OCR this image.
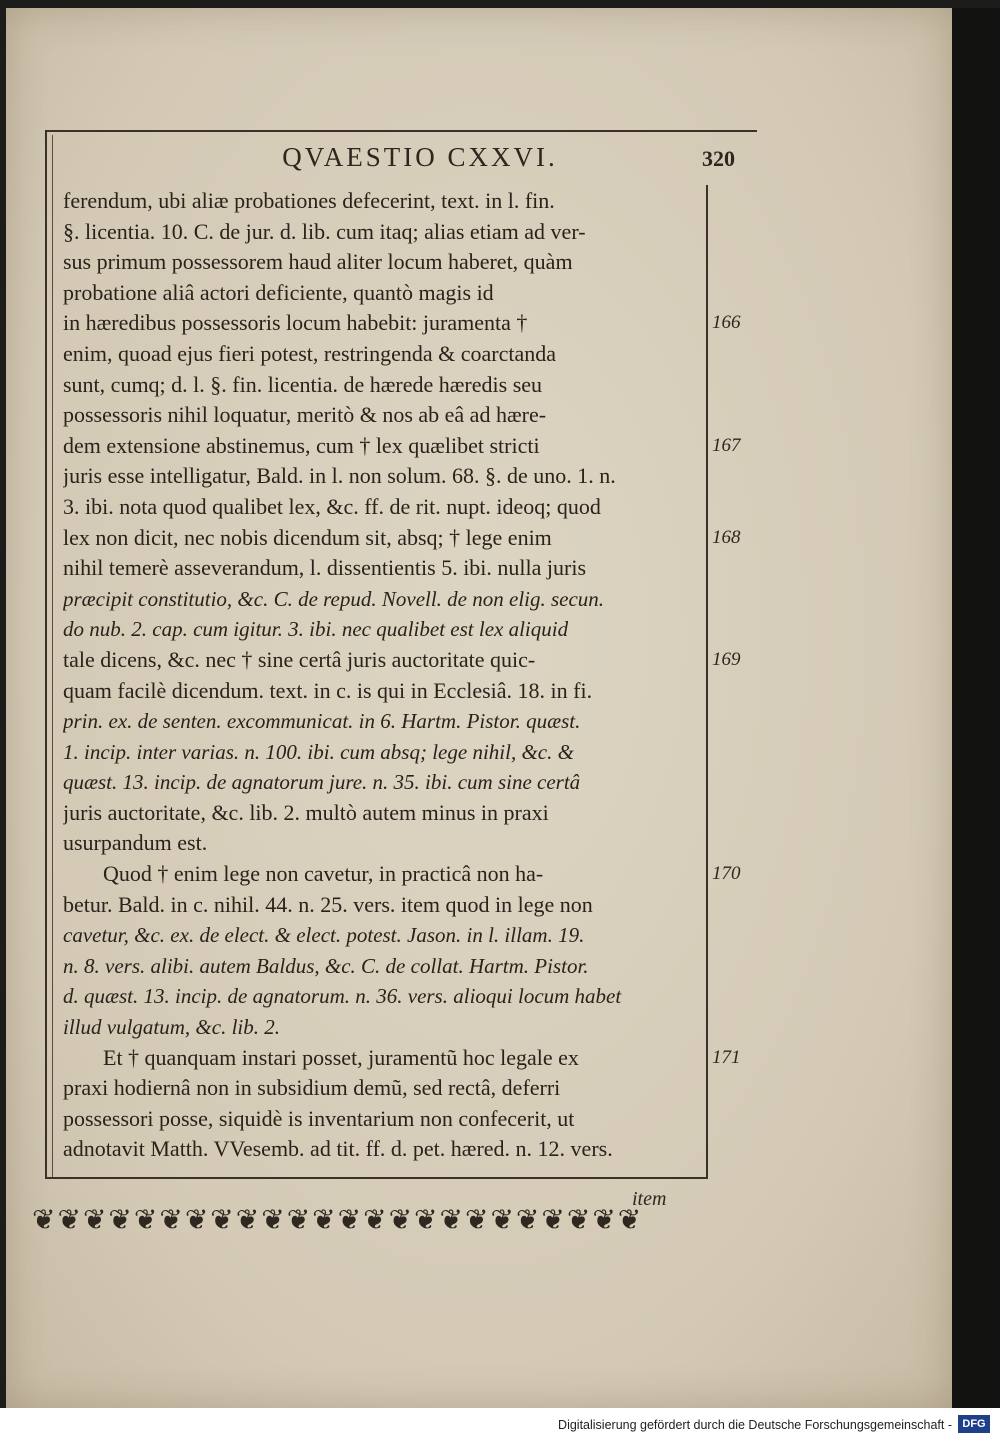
QVAESTIO CXXVI.	320
ferendum, ubi aliæ probationes defecerint, text. in l. fin.
§. licentia. 10. C. de jur. d. lib. cum itaq; alias etiam ad ver-
sus primum possessorem haud aliter locum haberet, quàm
probatione aliâ actori deficiente, quantò magis id
in hæredibus possessoris locum habebit: juramenta †
enim, quoad ejus fieri potest, restringenda & coarctanda
sunt, cumq; d. l. §. fin. licentia. de hærede hæredis seu
possessoris nihil loquatur, meritò & nos ab eâ ad hære-
dem extensione abstinemus, cum † lex quælibet stricti
juris esse intelligatur, Bald. in l. non solum. 68. §. de uno. 1. n.
3. ibi. nota quod qualibet lex, &c. ff. de rit. nupt. ideoq; quod
lex non dicit, nec nobis dicendum sit, absq; † lege enim
nihil temerè asseverandum, l. dissentientis 5. ibi. nulla juris
præcipit constitutio, &c. C. de repud. Novell. de non elig. secun.
do nub. 2. cap. cum igitur. 3. ibi. nec qualibet est lex aliquid
tale dicens, &c. nec † sine certâ juris auctoritate quic-
quam facilè dicendum. text. in c. is qui in Ecclesiâ. 18. in fi.
prin. ex. de senten. excommunicat. in 6. Hartm. Pistor. quæst.
1. incip. inter varias. n. 100. ibi. cum absq; lege nihil, &c. &
quæst. 13. incip. de agnatorum jure. n. 35. ibi. cum sine certâ
juris auctoritate, &c. lib. 2. multò autem minus in praxi
usurpandum est.
Quod † enim lege non cavetur, in practicâ non ha-
betur. Bald. in c. nihil. 44. n. 25. vers. item quod in lege non
cavetur, &c. ex. de elect. & elect. potest. Jason. in l. illam. 19.
n. 8. vers. alibi. autem Baldus, &c. C. de collat. Hartm. Pistor.
d. quæst. 13. incip. de agnatorum. n. 36. vers. alioqui locum habet
illud vulgatum, &c. lib. 2.
Et † quanquam instari posset, juramentũ hoc legale ex
praxi hodiernâ non in subsidium demũ, sed rectâ, deferri
possessori posse, siquidè is inventarium non confecerit, ut
adnotavit Matth. VVesemb. ad tit. ff. d. pet. hæred. n. 12. vers.
166
167
168
169
170
171
item
❦❦❦❦❦❦❦❦❦❦❦❦❦❦❦❦❦❦❦❦❦❦❦❦
Digitalisierung gefördert durch die Deutsche Forschungsgemeinschaft - DFG
